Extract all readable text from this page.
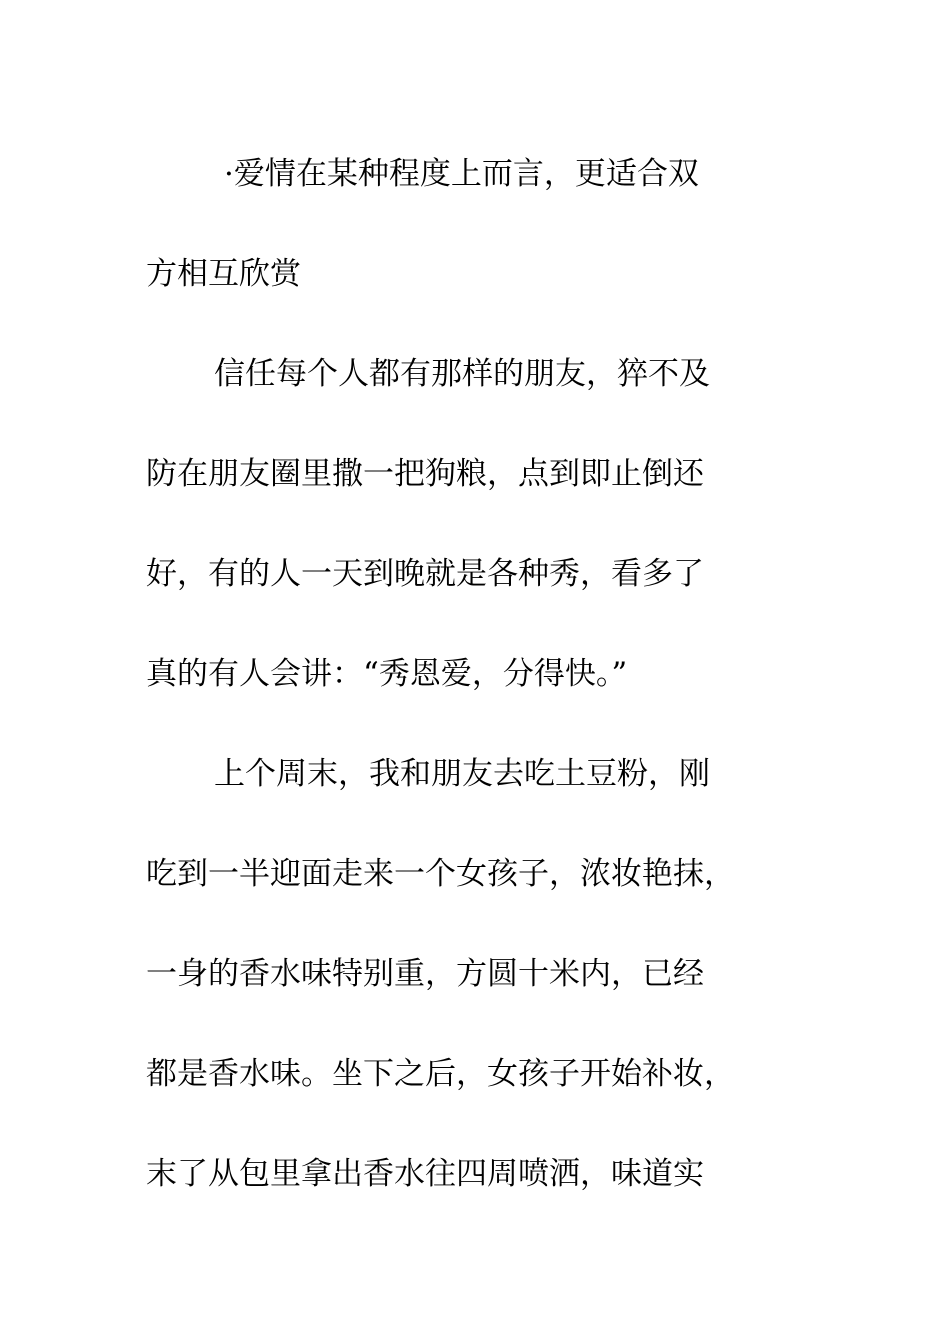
·爱情在某种程度上而言，更适合双
方相互欣赏
信任每个人都有那样的朋友，猝不及
防在朋友圈里撒一把狗粮，点到即止倒还
好，有的人一天到晚就是各种秀，看多了
真的有人会讲：“秀恩爱，分得快。”
上个周末，我和朋友去吃土豆粉，刚
吃到一半迎面走来一个女孩子，浓妆艳抹，
一身的香水味特别重，方圆十米内，已经
都是香水味。坐下之后，女孩子开始补妆，
末了从包里拿出香水往四周喷洒，味道实
